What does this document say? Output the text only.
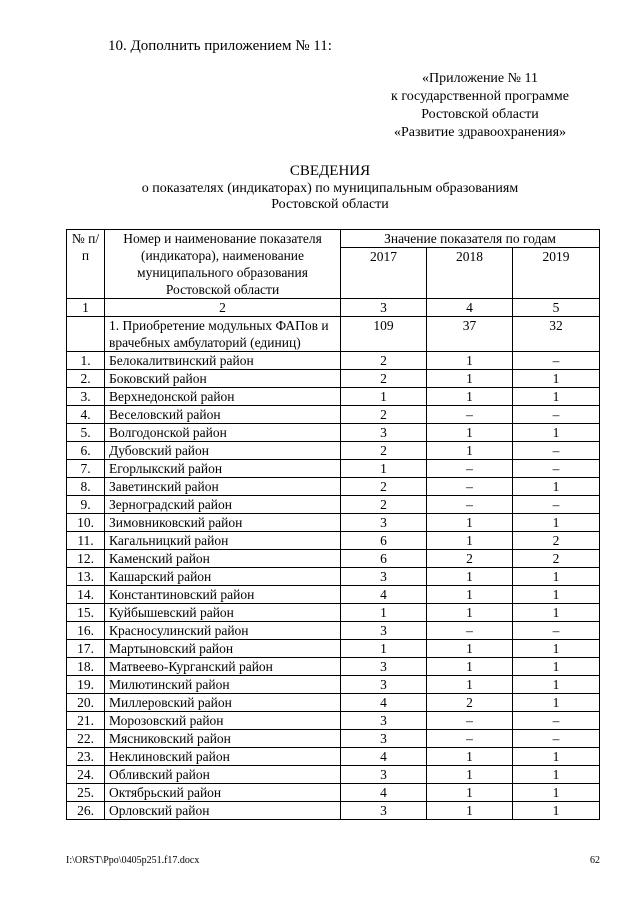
10. Дополнить приложением № 11:
«Приложение № 11
к государственной программе
Ростовской области
«Развитие здравоохранения»
СВЕДЕНИЯ
о показателях (индикаторах) по муниципальным образованиям
Ростовской области
№ п/п	Номер и наименование показателя (индикатора), наименование муниципального образования Ростовской области	Значение показателя по годам		
		2017	2018	2019
1	2	3	4	5
	1. Приобретение модульных ФАПов и врачебных амбулаторий (единиц)	109	37	32
1.	Белокалитвинский район	2	1	–
2.	Боковский район	2	1	1
3.	Верхнедонской район	1	1	1
4.	Веселовский район	2	–	–
5.	Волгодонской район	3	1	1
6.	Дубовский район	2	1	–
7.	Егорлыкский район	1	–	–
8.	Заветинский район	2	–	1
9.	Зерноградский район	2	–	–
10.	Зимовниковский район	3	1	1
11.	Кагальницкий район	6	1	2
12.	Каменский район	6	2	2
13.	Кашарский район	3	1	1
14.	Константиновский район	4	1	1
15.	Куйбышевский район	1	1	1
16.	Красносулинский район	3	–	–
17.	Мартыновский район	1	1	1
18.	Матвеево-Курганский район	3	1	1
19.	Милютинский район	3	1	1
20.	Миллеровский район	4	2	1
21.	Морозовский район	3	–	–
22.	Мясниковский район	3	–	–
23.	Неклиновский район	4	1	1
24.	Обливский район	3	1	1
25.	Октябрьский район	4	1	1
26.	Орловский район	3	1	1
I:\ORST\Ppo\0405p251.f17.docx	62
